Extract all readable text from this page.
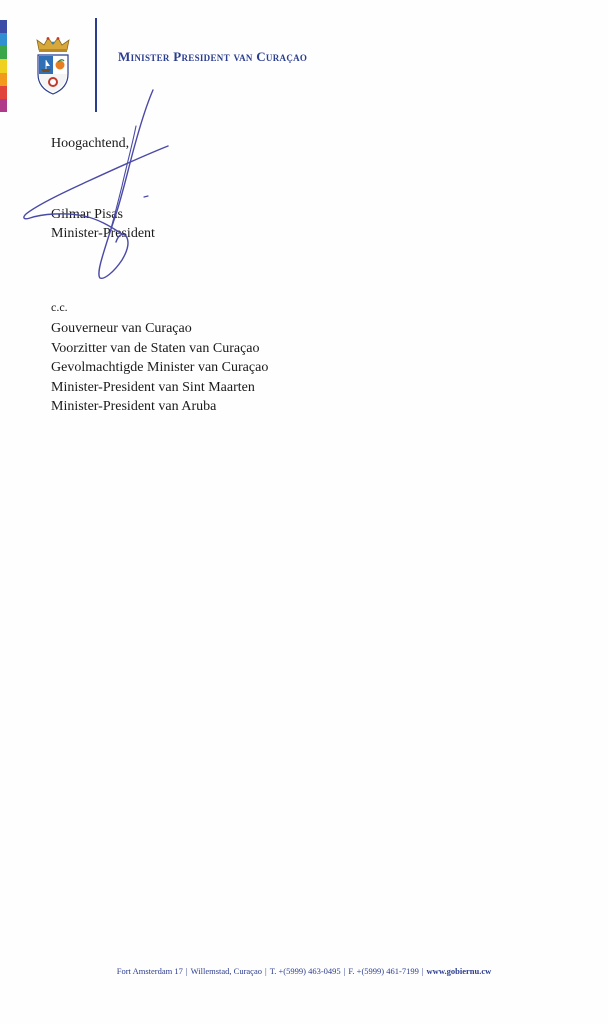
Minister President van Curaçao
Hoogachtend,
Gilmar Pisas
Minister-President
c.c.
Gouverneur van Curaçao
Voorzitter van de Staten van Curaçao
Gevolmachtigde Minister van Curaçao
Minister-President van Sint Maarten
Minister-President van Aruba
Fort Amsterdam 17 | Willemstad, Curaçao | T. +(5999) 463-0495 | F. +(5999) 461-7199 | www.gobiernu.cw
